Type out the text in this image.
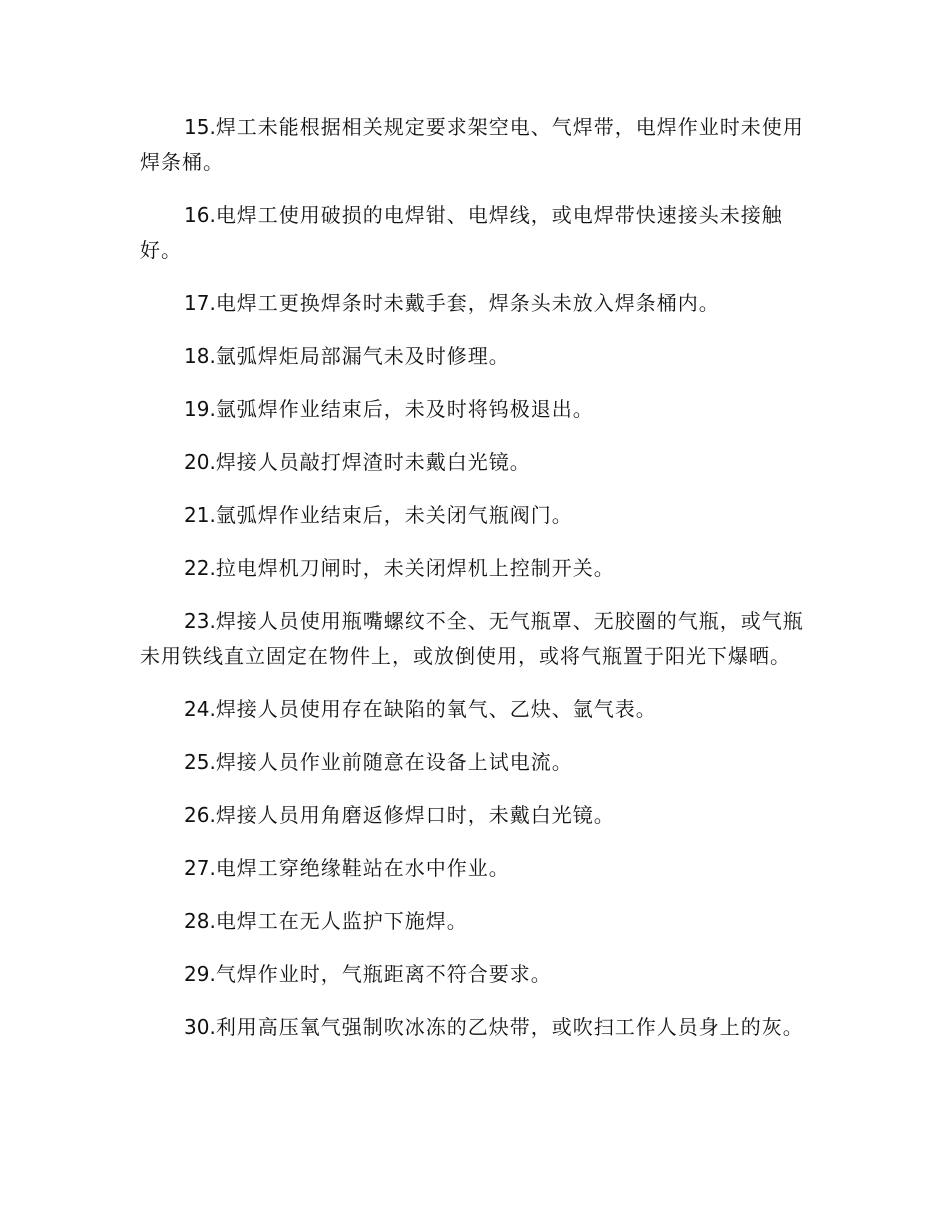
15.焊工未能根据相关规定要求架空电、气焊带，电焊作业时未使用焊条桶。

16.电焊工使用破损的电焊钳、电焊线，或电焊带快速接头未接触好。

17.电焊工更换焊条时未戴手套，焊条头未放入焊条桶内。

18.氩弧焊炬局部漏气未及时修理。

19.氩弧焊作业结束后，未及时将钨极退出。

20.焊接人员敲打焊渣时未戴白光镜。

21.氩弧焊作业结束后，未关闭气瓶阀门。

22.拉电焊机刀闸时，未关闭焊机上控制开关。

23.焊接人员使用瓶嘴螺纹不全、无气瓶罩、无胶圈的气瓶，或气瓶未用铁线直立固定在物件上，或放倒使用，或将气瓶置于阳光下爆晒。

24.焊接人员使用存在缺陷的氧气、乙炔、氩气表。

25.焊接人员作业前随意在设备上试电流。

26.焊接人员用角磨返修焊口时，未戴白光镜。

27.电焊工穿绝缘鞋站在水中作业。

28.电焊工在无人监护下施焊。

29.气焊作业时，气瓶距离不符合要求。

30.利用高压氧气强制吹冰冻的乙炔带，或吹扫工作人员身上的灰。
